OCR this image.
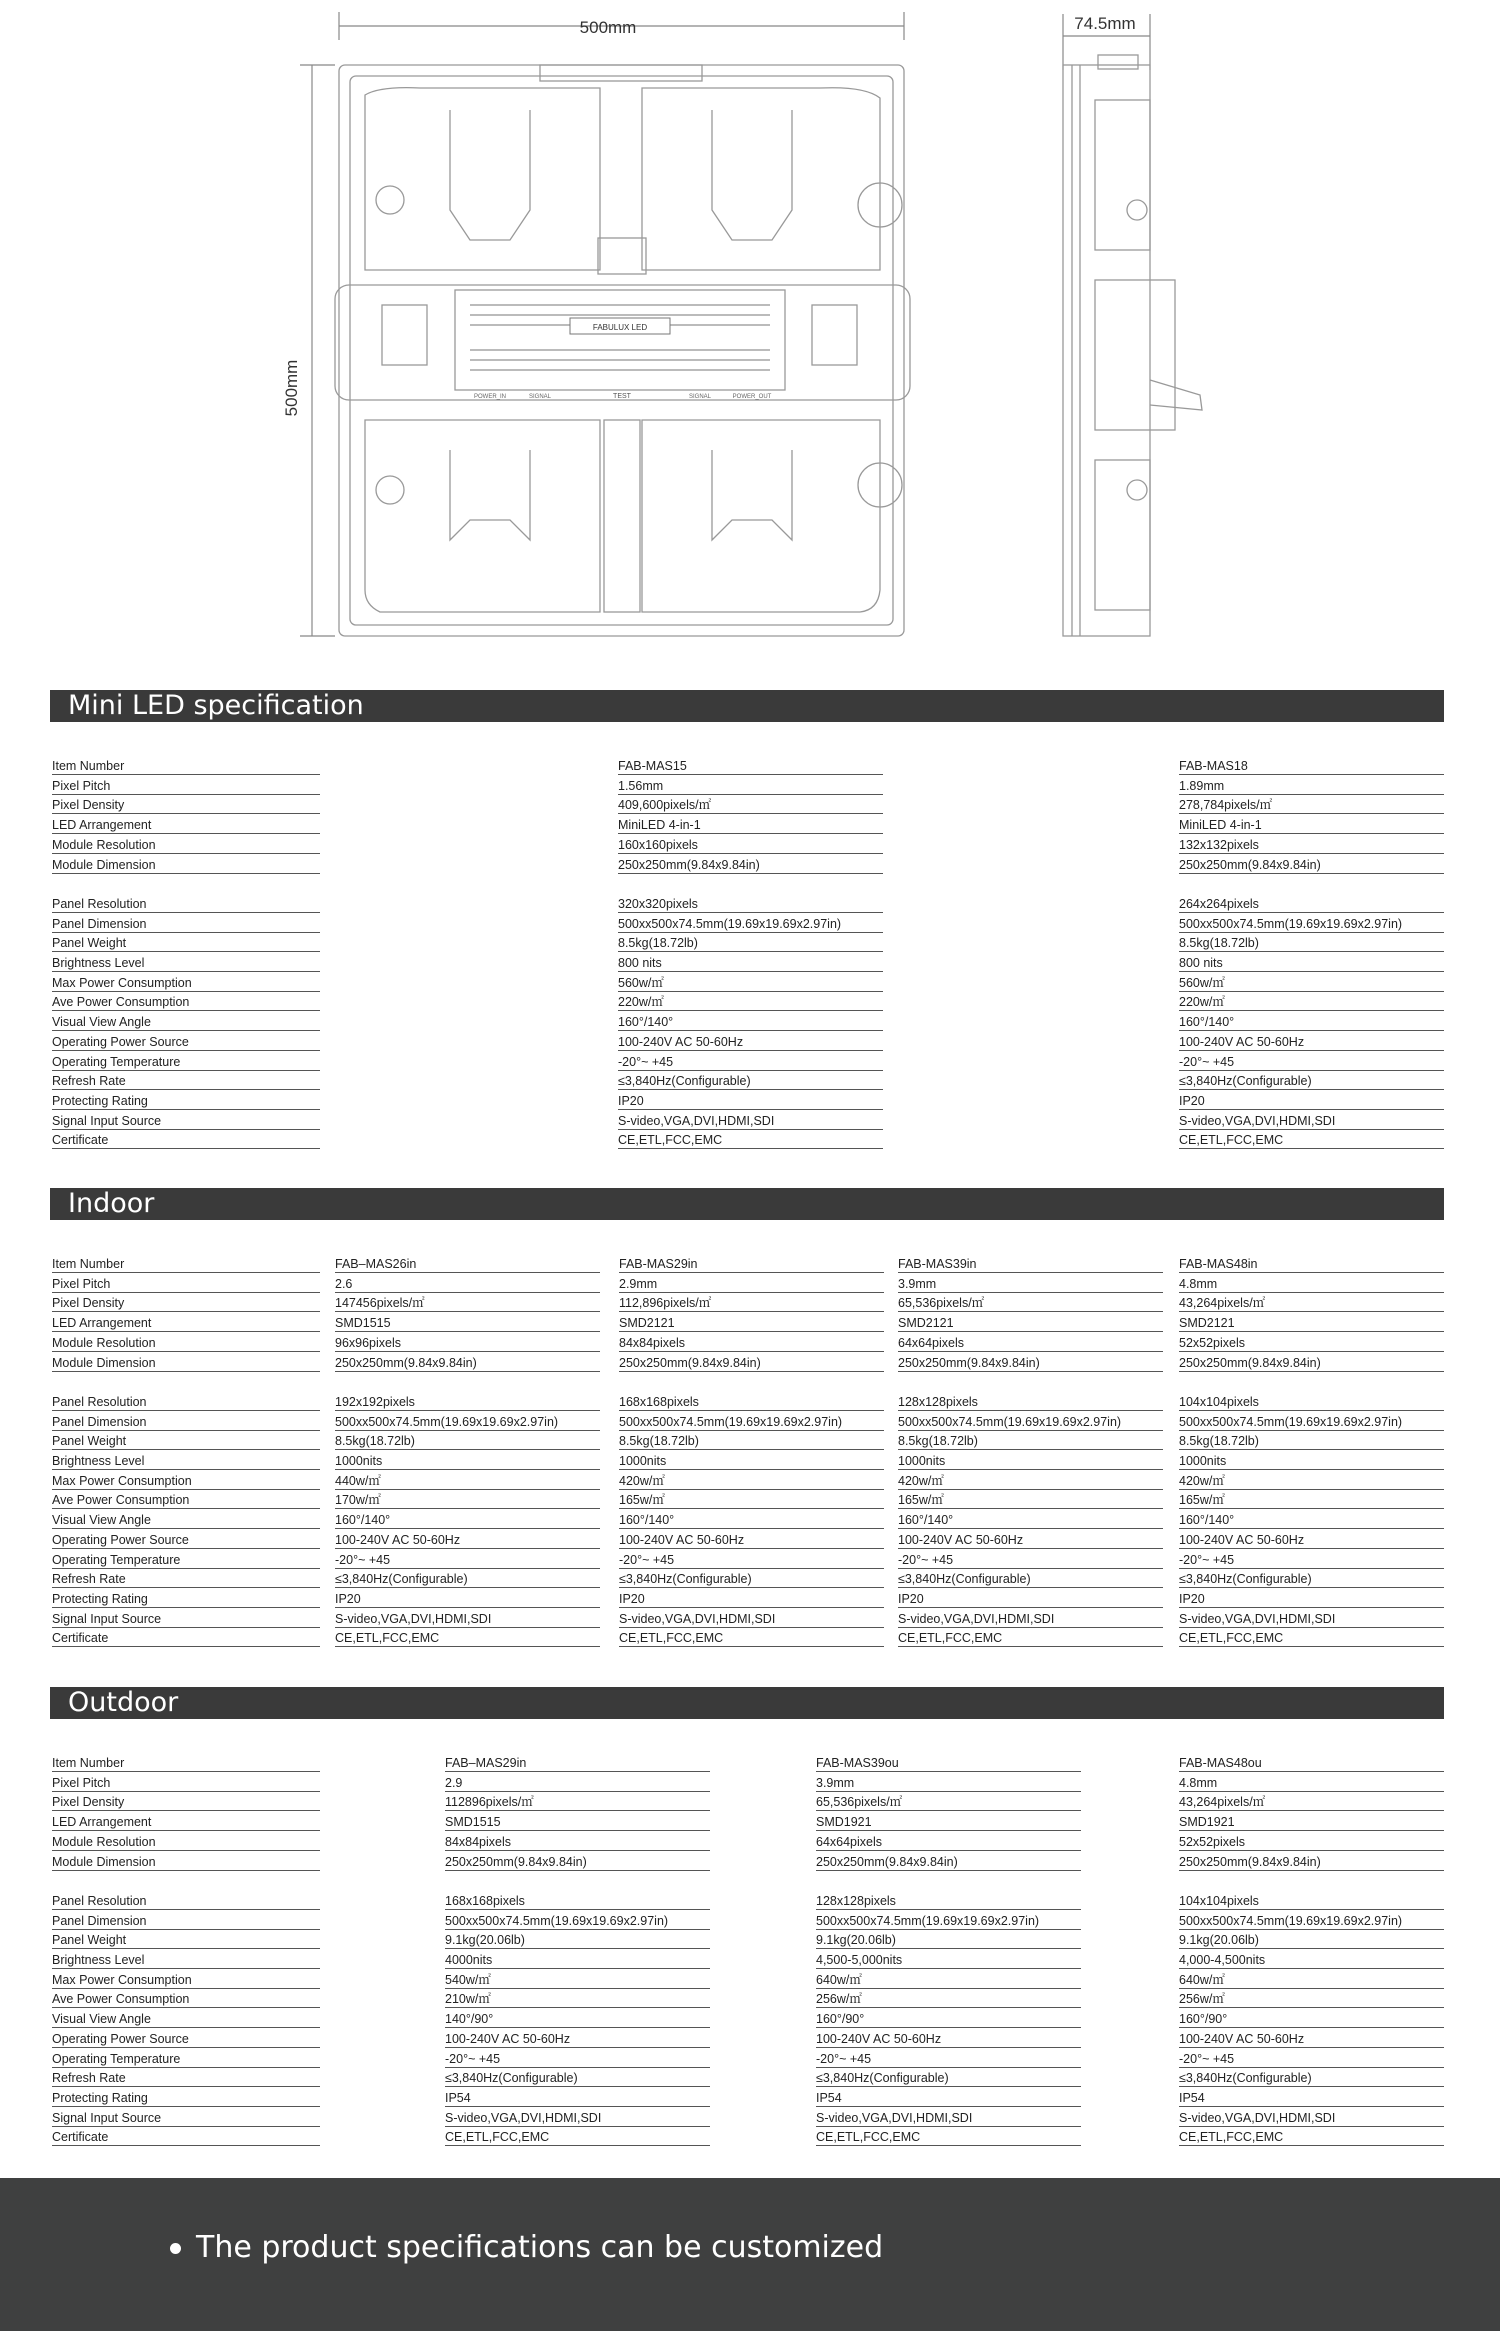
500mm
500mm
74.5mm
FABULUX LED
TEST
POWER_IN	SIGNAL	SIGNAL	POWER_OUT
Mini LED specification
Item Number	FAB-MAS15	FAB-MAS18
Pixel Pitch	1.56mm	1.89mm
Pixel Density	409,600pixels/㎡	278,784pixels/㎡
LED Arrangement	MiniLED 4-in-1	MiniLED 4-in-1
Module Resolution	160x160pixels	132x132pixels
Module Dimension	250x250mm(9.84x9.84in)	250x250mm(9.84x9.84in)
Panel Resolution	320x320pixels	264x264pixels
Panel Dimension	500xx500x74.5mm(19.69x19.69x2.97in)	500xx500x74.5mm(19.69x19.69x2.97in)
Panel Weight	8.5kg(18.72lb)	8.5kg(18.72lb)
Brightness Level	800 nits	800 nits
Max Power Consumption	560w/㎡	560w/㎡
Ave Power Consumption	220w/㎡	220w/㎡
Visual View Angle	160°/140°	160°/140°
Operating Power Source	100-240V AC 50-60Hz	100-240V AC 50-60Hz
Operating Temperature	-20°~ +45	-20°~ +45
Refresh Rate	≤3,840Hz(Configurable)	≤3,840Hz(Configurable)
Protecting Rating	IP20	IP20
Signal Input Source	S-video,VGA,DVI,HDMI,SDI	S-video,VGA,DVI,HDMI,SDI
Certificate	CE,ETL,FCC,EMC	CE,ETL,FCC,EMC
Indoor
Item Number	FAB–MAS26in	FAB-MAS29in	FAB-MAS39in	FAB-MAS48in
Pixel Pitch	2.6	2.9mm	3.9mm	4.8mm
Pixel Density	147456pixels/㎡	112,896pixels/㎡	65,536pixels/㎡	43,264pixels/㎡
LED Arrangement	SMD1515	SMD2121	SMD2121	SMD2121
Module Resolution	96x96pixels	84x84pixels	64x64pixels	52x52pixels
Module Dimension	250x250mm(9.84x9.84in)	250x250mm(9.84x9.84in)	250x250mm(9.84x9.84in)	250x250mm(9.84x9.84in)
Panel Resolution	192x192pixels	168x168pixels	128x128pixels	104x104pixels
Panel Dimension	500xx500x74.5mm(19.69x19.69x2.97in)	500xx500x74.5mm(19.69x19.69x2.97in)	500xx500x74.5mm(19.69x19.69x2.97in)	500xx500x74.5mm(19.69x19.69x2.97in)
Panel Weight	8.5kg(18.72lb)	8.5kg(18.72lb)	8.5kg(18.72lb)	8.5kg(18.72lb)
Brightness Level	1000nits	1000nits	1000nits	1000nits
Max Power Consumption	440w/㎡	420w/㎡	420w/㎡	420w/㎡
Ave Power Consumption	170w/㎡	165w/㎡	165w/㎡	165w/㎡
Visual View Angle	160°/140°	160°/140°	160°/140°	160°/140°
Operating Power Source	100-240V AC 50-60Hz	100-240V AC 50-60Hz	100-240V AC 50-60Hz	100-240V AC 50-60Hz
Operating Temperature	-20°~ +45	-20°~ +45	-20°~ +45	-20°~ +45
Refresh Rate	≤3,840Hz(Configurable)	≤3,840Hz(Configurable)	≤3,840Hz(Configurable)	≤3,840Hz(Configurable)
Protecting Rating	IP20	IP20	IP20	IP20
Signal Input Source	S-video,VGA,DVI,HDMI,SDI	S-video,VGA,DVI,HDMI,SDI	S-video,VGA,DVI,HDMI,SDI	S-video,VGA,DVI,HDMI,SDI
Certificate	CE,ETL,FCC,EMC	CE,ETL,FCC,EMC	CE,ETL,FCC,EMC	CE,ETL,FCC,EMC
Outdoor
Item Number	FAB–MAS29in	FAB-MAS39ou	FAB-MAS48ou
Pixel Pitch	2.9	3.9mm	4.8mm
Pixel Density	112896pixels/㎡	65,536pixels/㎡	43,264pixels/㎡
LED Arrangement	SMD1515	SMD1921	SMD1921
Module Resolution	84x84pixels	64x64pixels	52x52pixels
Module Dimension	250x250mm(9.84x9.84in)	250x250mm(9.84x9.84in)	250x250mm(9.84x9.84in)
Panel Resolution	168x168pixels	128x128pixels	104x104pixels
Panel Dimension	500xx500x74.5mm(19.69x19.69x2.97in)	500xx500x74.5mm(19.69x19.69x2.97in)	500xx500x74.5mm(19.69x19.69x2.97in)
Panel Weight	9.1kg(20.06lb)	9.1kg(20.06lb)	9.1kg(20.06lb)
Brightness Level	4000nits	4,500-5,000nits	4,000-4,500nits
Max Power Consumption	540w/㎡	640w/㎡	640w/㎡
Ave Power Consumption	210w/㎡	256w/㎡	256w/㎡
Visual View Angle	140°/90°	160°/90°	160°/90°
Operating Power Source	100-240V AC 50-60Hz	100-240V AC 50-60Hz	100-240V AC 50-60Hz
Operating Temperature	-20°~ +45	-20°~ +45	-20°~ +45
Refresh Rate	≤3,840Hz(Configurable)	≤3,840Hz(Configurable)	≤3,840Hz(Configurable)
Protecting Rating	IP54	IP54	IP54
Signal Input Source	S-video,VGA,DVI,HDMI,SDI	S-video,VGA,DVI,HDMI,SDI	S-video,VGA,DVI,HDMI,SDI
Certificate	CE,ETL,FCC,EMC	CE,ETL,FCC,EMC	CE,ETL,FCC,EMC
The product specifications can be customized
